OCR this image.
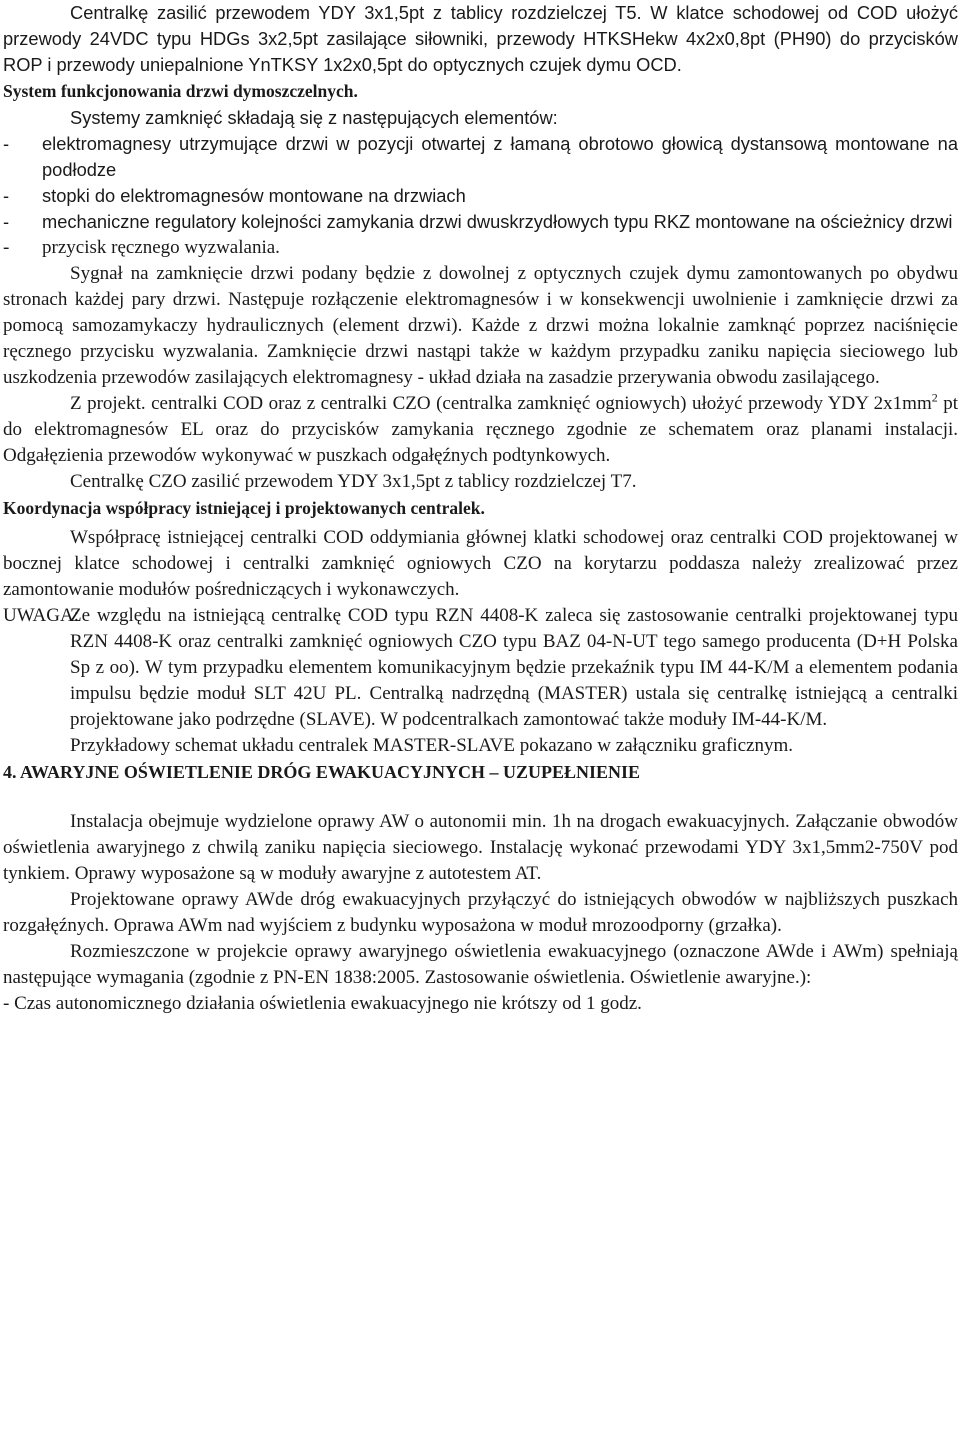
Centralkę zasilić przewodem YDY 3x1,5pt z tablicy rozdzielczej T5. W klatce schodowej od COD ułożyć przewody 24VDC typu HDGs 3x2,5pt zasilające siłowniki, przewody HTKSHekw 4x2x0,8pt (PH90) do przycisków ROP i przewody uniepalnione YnTKSY 1x2x0,5pt do optycznych czujek dymu OCD.

System funkcjonowania drzwi dymoszczelnych.

Systemy zamknięć składają się z następujących elementów:

-	elektromagnesy utrzymujące drzwi w pozycji otwartej z łamaną obrotowo głowicą dystansową montowane na podłodze
-	stopki do elektromagnesów montowane na drzwiach
-	mechaniczne regulatory kolejności zamykania drzwi dwuskrzydłowych typu RKZ montowane na ościeżnicy drzwi
-	przycisk ręcznego wyzwalania.

Sygnał na zamknięcie drzwi podany będzie z dowolnej z optycznych czujek dymu zamontowanych po obydwu stronach każdej pary drzwi. Następuje rozłączenie elektromagnesów i w konsekwencji uwolnienie i zamknięcie drzwi za pomocą samozamykaczy hydraulicznych (element drzwi). Każde z drzwi można lokalnie zamknąć poprzez naciśnięcie ręcznego przycisku wyzwalania. Zamknięcie drzwi nastąpi także w każdym przypadku zaniku napięcia sieciowego lub uszkodzenia przewodów zasilających elektromagnesy - układ działa na zasadzie przerywania obwodu zasilającego.

Z projekt. centralki COD oraz z centralki CZO (centralka zamknięć ogniowych) ułożyć przewody YDY $2x1mm^2$ pt do elektromagnesów EL oraz do przycisków zamykania ręcznego zgodnie ze schematem oraz planami instalacji. Odgałęzienia przewodów wykonywać w puszkach odgałęźnych podtynkowych.

Centralkę CZO zasilić przewodem YDY 3x1,5pt z tablicy rozdzielczej T7.

Koordynacja współpracy istniejącej i projektowanych centralek.

Współpracę istniejącej centralki COD oddymiania głównej klatki schodowej oraz centralki COD projektowanej w bocznej klatce schodowej i centralki zamknięć ogniowych CZO na korytarzu poddasza należy zrealizować przez zamontowanie modułów pośredniczących i wykonawczych.

UWAGA:

Ze względu na istniejącą centralkę COD typu RZN 4408-K zaleca się zastosowanie centralki projektowanej typu RZN 4408-K oraz centralki zamknięć ogniowych CZO typu BAZ 04-N-UT tego samego producenta (D+H Polska Sp z oo). W tym przypadku elementem komunikacyjnym będzie przekaźnik typu IM 44-K/M a elementem podania impulsu będzie moduł SLT 42U PL. Centralką nadrzędną (MASTER) ustala się centralkę istniejącą a centralki projektowane jako podrzędne (SLAVE). W podcentralkach zamontować także moduły IM-44-K/M.

Przykładowy schemat układu centralek MASTER-SLAVE pokazano w załączniku graficznym.

4. AWARYJNE OŚWIETLENIE DRÓG EWAKUACYJNYCH – UZUPEŁNIENIE

Instalacja obejmuje wydzielone oprawy AW o autonomii min. 1h na drogach ewakuacyjnych. Załączanie obwodów oświetlenia awaryjnego z chwilą zaniku napięcia sieciowego. Instalację wykonać przewodami YDY 3x1,5mm2-750V pod tynkiem. Oprawy wyposażone są w moduły awaryjne z autotestem AT.

Projektowane oprawy AWde dróg ewakuacyjnych przyłączyć do istniejących obwodów w najbliższych puszkach rozgałęźnych. Oprawa AWm nad wyjściem z budynku wyposażona w moduł mrozoodporny (grzałka).

Rozmieszczone w projekcie oprawy awaryjnego oświetlenia ewakuacyjnego (oznaczone AWde i AWm) spełniają następujące wymagania (zgodnie z PN-EN 1838:2005. Zastosowanie oświetlenia. Oświetlenie awaryjne.):

- Czas autonomicznego działania oświetlenia ewakuacyjnego nie krótszy od 1 godz.
